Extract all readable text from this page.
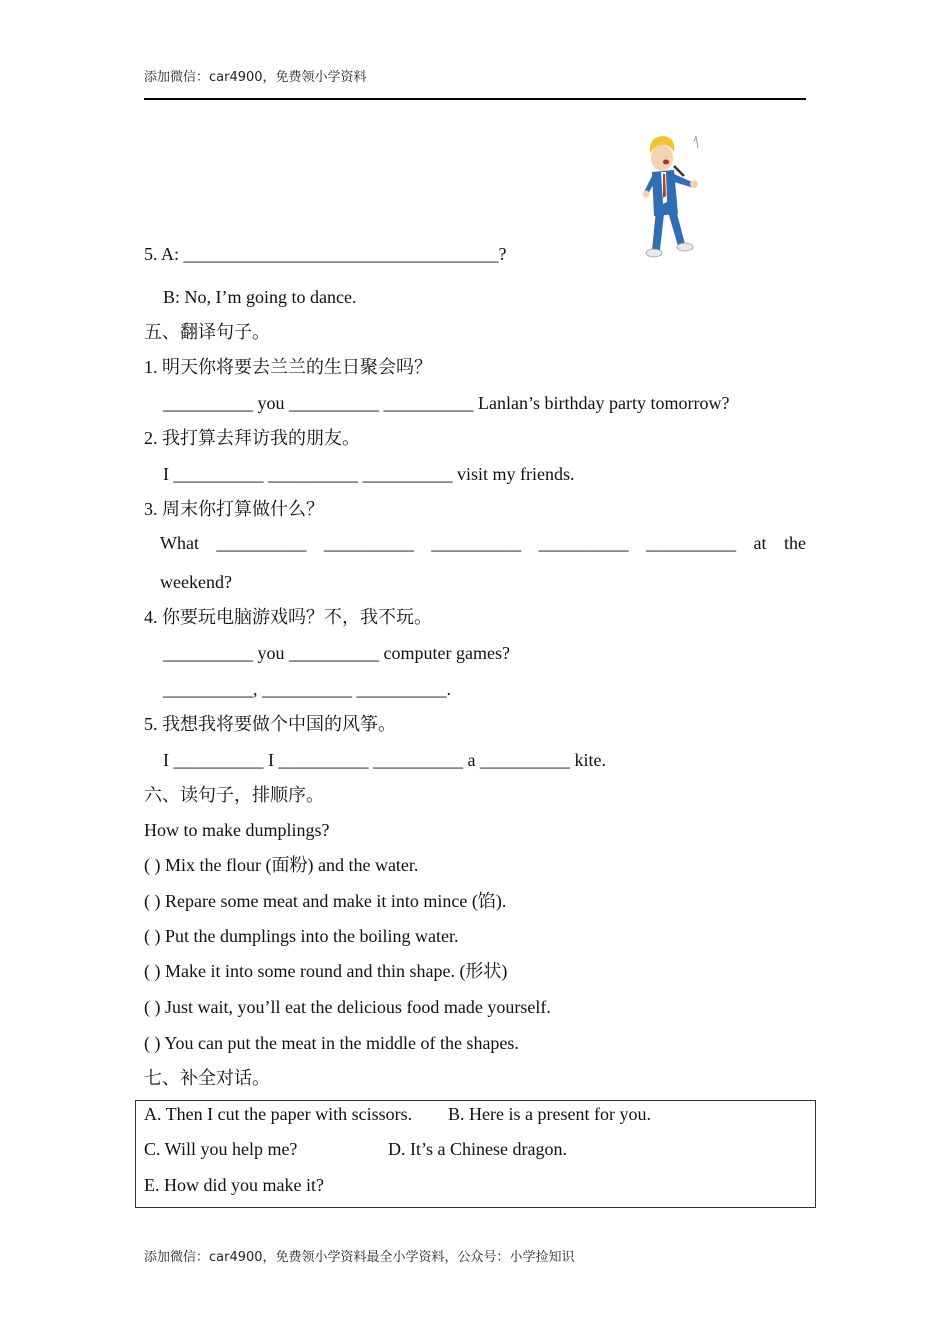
添加微信：car4900，免费领小学资料
5. A: ___________________________________?
B: No, I’m going to dance.
五、翻译句子。
1. 明天你将要去兰兰的生日聚会吗？
__________ you __________ __________ Lanlan’s birthday party tomorrow?
2. 我打算去拜访我的朋友。
I __________ __________ __________ visit my friends.
3. 周末你打算做什么？
What __________ __________ __________ __________ __________ at the
weekend?
4. 你要玩电脑游戏吗？不，我不玩。
__________ you __________ computer games?
__________, __________ __________.
5. 我想我将要做个中国的风筝。
I __________ I __________ __________ a __________ kite.
六、读句子，排顺序。
How to make dumplings?
( ) Mix the flour (面粉) and the water.
( ) Repare some meat and make it into mince (馅).
( ) Put the dumplings into the boiling water.
( ) Make it into some round and thin shape. (形状)
( ) Just wait, you’ll eat the delicious food made yourself.
( ) You can put the meat in the middle of the shapes.
七、补全对话。
A. Then I cut the paper with scissors. B. Here is a present for you.
C. Will you help me?	D. It’s a Chinese dragon.
E. How did you make it?
添加微信：car4900，免费领小学资料最全小学资料，公众号：小学捡知识
